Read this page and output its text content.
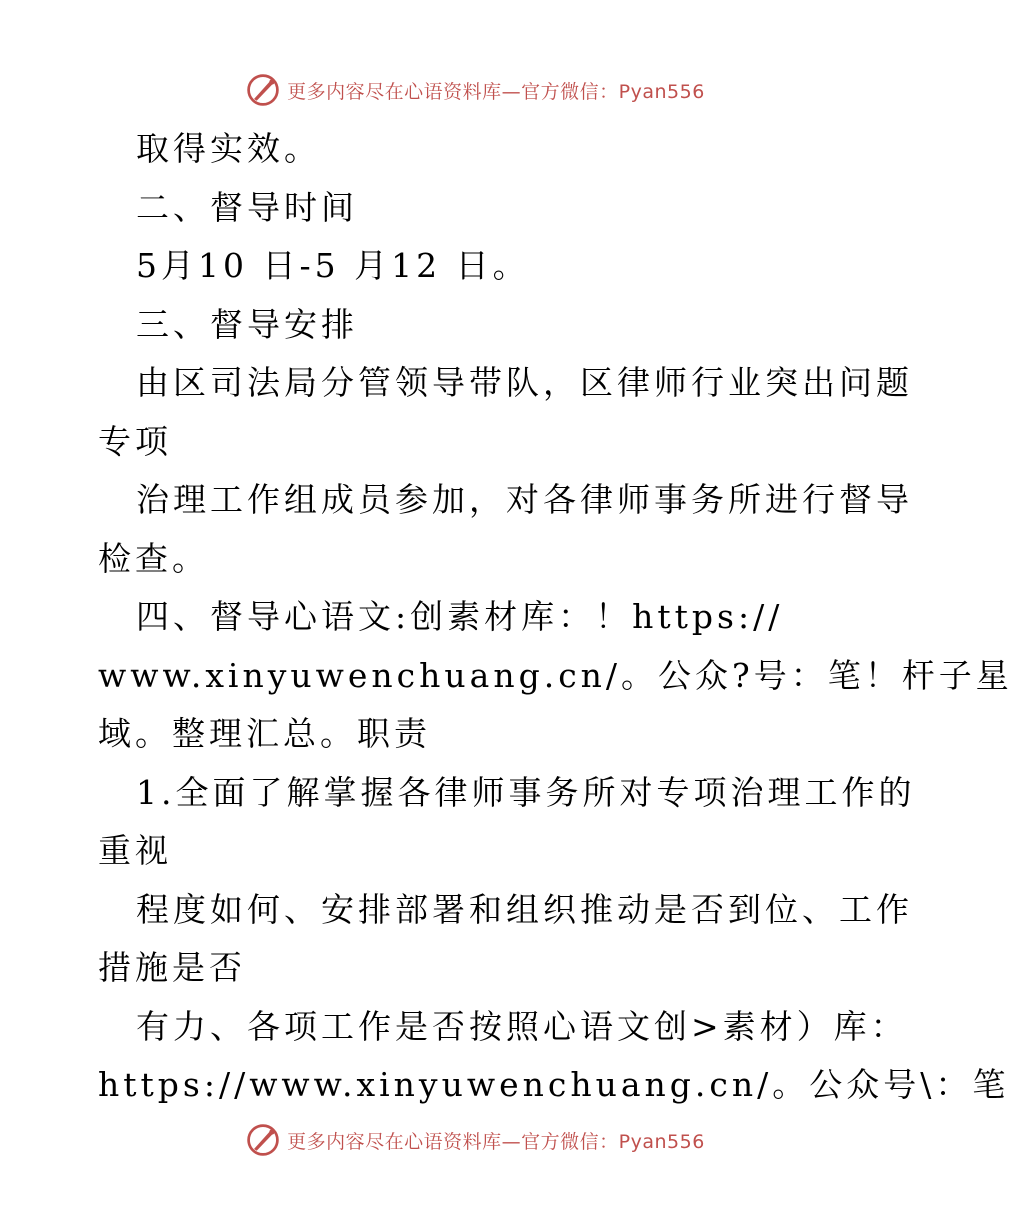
更多内容尽在心语资料库—官方微信：Pyan556
取得实效。
二、督导时间
5月10 日-5 月12 日。
三、督导安排
由区司法局分管领导带队，区律师行业突出问题
专项
治理工作组成员参加，对各律师事务所进行督导
检查。
四、督导心语文:创素材库：！https://
www.xinyuwenchuang.cn/。公众?号：笔！杆子星
域。整理汇总。职责
1.全面了解掌握各律师事务所对专项治理工作的
重视
程度如何、安排部署和组织推动是否到位、工作
措施是否
有力、各项工作是否按照心语文创>素材）库：
https://www.xinyuwenchuang.cn/。公众号\：笔
更多内容尽在心语资料库—官方微信：Pyan556
